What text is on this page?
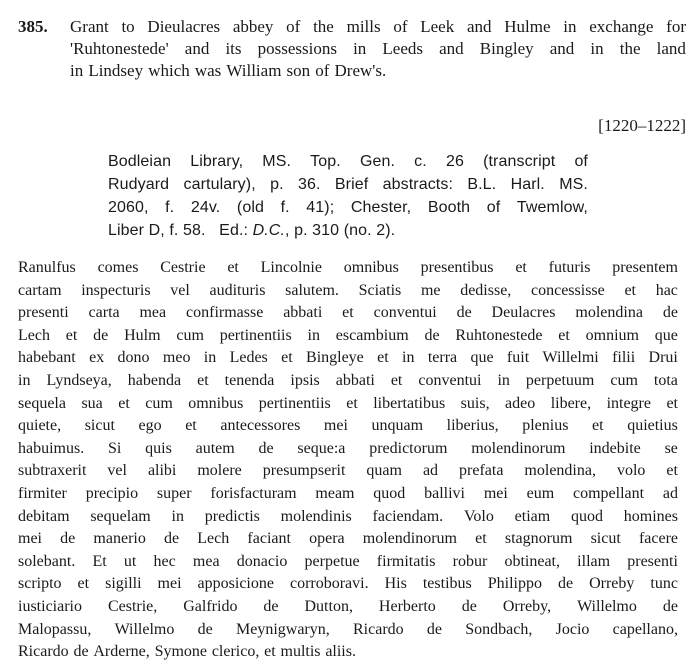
385. Grant to Dieulacres abbey of the mills of Leek and Hulme in exchange for
'Ruhtonestede' and its possessions in Leeds and Bingley and in the land
in Lindsey which was William son of Drew's.
[1220–1222]
Bodleian Library, MS. Top. Gen. c. 26 (transcript of
Rudyard cartulary), p. 36. Brief abstracts: B.L. Harl. MS.
2060, f. 24v. (old f. 41); Chester, Booth of Twemlow,
Liber D, f. 58.   Ed.: D.C., p. 310 (no. 2).
Ranulfus comes Cestrie et Lincolnie omnibus presentibus et futuris presentem
cartam inspecturis vel audituris salutem. Sciatis me dedisse, concessisse et hac
presenti carta mea confirmasse abbati et conventui de Deulacres molendina de
Lech et de Hulm cum pertinentiis in escambium de Ruhtonestede et omnium que
habebant ex dono meo in Ledes et Bingleye et in terra que fuit Willelmi filii Drui
in Lyndseya, habenda et tenenda ipsis abbati et conventui in perpetuum cum tota
sequela sua et cum omnibus pertinentiis et libertatibus suis, adeo libere, integre et
quiete, sicut ego et antecessores mei unquam liberius, plenius et quietius
habuimus. Si quis autem de seque:a predictorum molendinorum indebite se
subtraxerit vel alibi molere presumpserit quam ad prefata molendina, volo et
firmiter precipio super forisfacturam meam quod ballivi mei eum compellant ad
debitam sequelam in predictis molendinis faciendam. Volo etiam quod homines
mei de manerio de Lech faciant opera molendinorum et stagnorum sicut facere
solebant. Et ut hec mea donacio perpetue firmitatis robur obtineat, illam presenti
scripto et sigilli mei apposicione corroboravi. His testibus Philippo de Orreby tunc
iusticiario Cestrie, Galfrido de Dutton, Herberto de Orreby, Willelmo de
Malopassu, Willelmo de Meynigwaryn, Ricardo de Sondbach, Jocio capellano,
Ricardo de Arderne, Symone clerico, et multis aliis.
